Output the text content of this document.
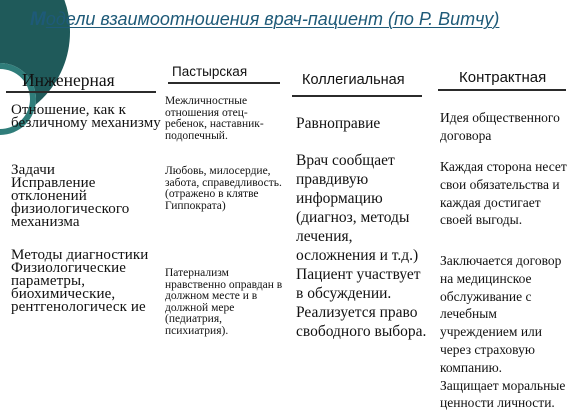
Модели взаимоотношения врач-пациент (по Р. Витчу)
Инженерная

Отношение, как к безличному механизму

Задачи
Исправление отклонений физиологического механизма

Методы диагностики
Физиологические параметры, биохимические, рентгенологическ ие

Пастырская

Межличностные отношения отец-ребенок, наставник-подопечный.

Любовь, милосердие, забота, справедливость. (отражено в клятве Гиппократа)

Патернализм нравственно оправдан в должном месте и в должной мере (педиатрия, психиатрия).

Коллегиальная

Равноправие

Врач сообщает правдивую информацию (диагноз, методы лечения, осложнения и т.д.) Пациент участвует в обсуждении. Реализуется право свободного выбора.

Контрактная

Идея общественного договора

Каждая сторона несет свои обязательства и каждая достигает своей выгоды.

Заключается договор на медицинское обслуживание с лечебным учреждением или через страховую компанию.
Защищает моральные ценности личности.
